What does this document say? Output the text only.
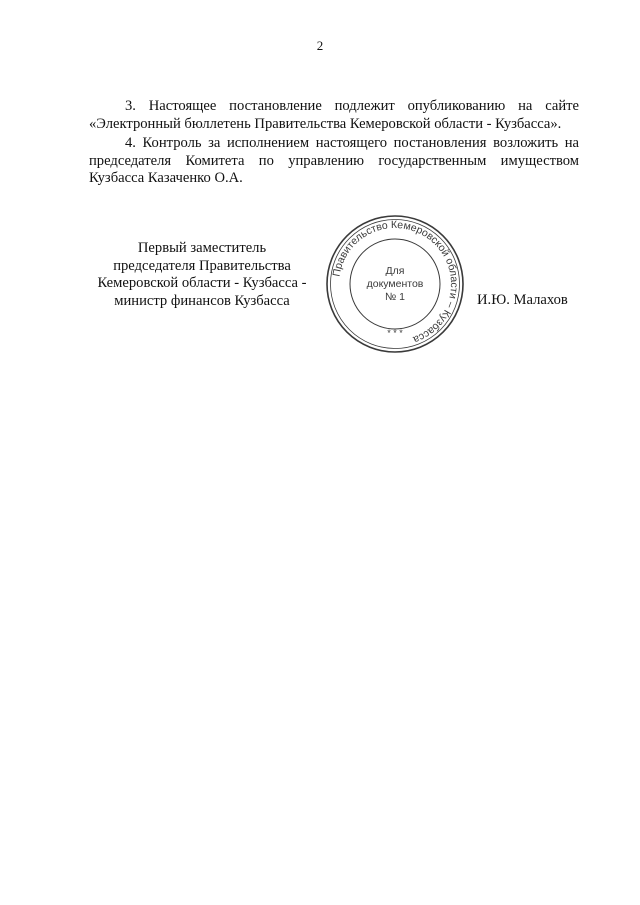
2

3. Настоящее постановление подлежит опубликованию на сайте «Электронный бюллетень Правительства Кемеровской области - Кузбасса».

4. Контроль за исполнением настоящего постановления возложить на председателя Комитета по управлению государственным имуществом Кузбасса Казаченко О.А.

Первый заместитель
председателя Правительства
Кемеровской области - Кузбасса -
министр финансов Кузбасса
Правительство Кемеровской области – Кузбасса
* * *
Для
документов
№ 1	И.Ю. Малахов
